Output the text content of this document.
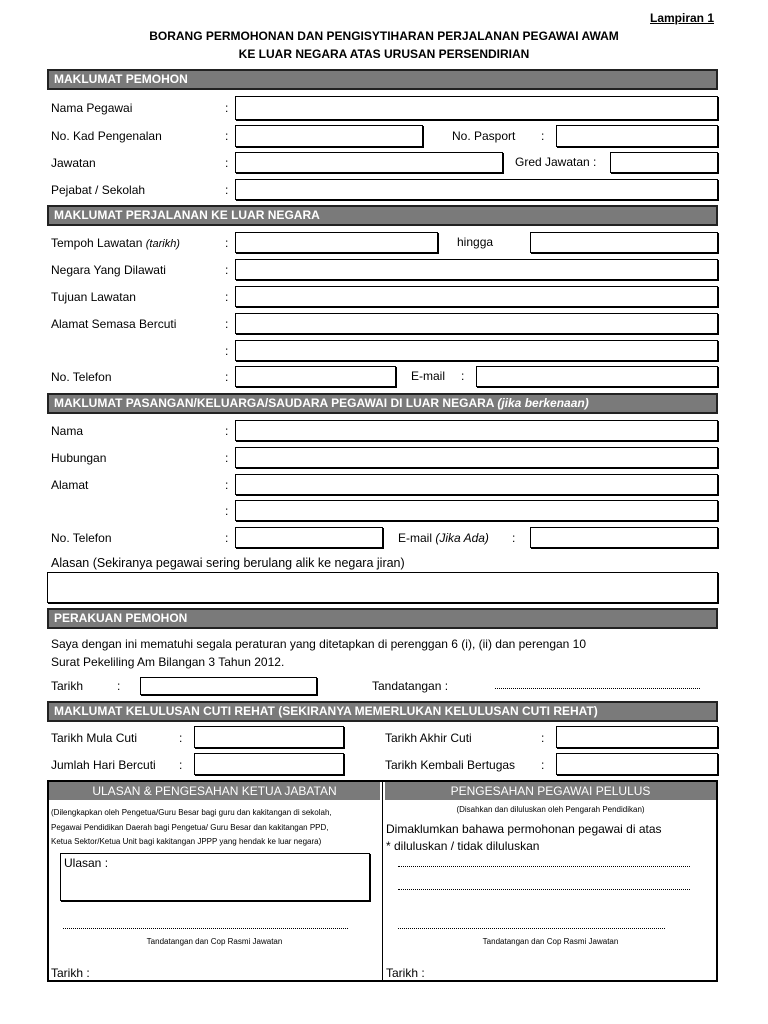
Lampiran 1
BORANG PERMOHONAN DAN PENGISYTIHARAN PERJALANAN PEGAWAI AWAM
KE LUAR NEGARA ATAS URUSAN PERSENDIRIAN
MAKLUMAT PEMOHON
Nama Pegawai	:
No. Kad Pengenalan	:	No. Pasport :
Jawatan	:	Gred Jawatan :
Pejabat / Sekolah	:
MAKLUMAT PERJALANAN KE LUAR NEGARA
Tempoh Lawatan (tarikh)	:	hingga
Negara Yang Dilawati	:
Tujuan Lawatan	:
Alamat Semasa Bercuti	:
:
No. Telefon	:	E-mail :
MAKLUMAT PASANGAN/KELUARGA/SAUDARA PEGAWAI DI LUAR NEGARA (jika berkenaan)
Nama	:
Hubungan	:
Alamat	:
:
No. Telefon	:	E-mail (Jika Ada) :
Alasan (Sekiranya pegawai sering berulang alik ke negara jiran)
PERAKUAN PEMOHON
Saya dengan ini mematuhi segala peraturan yang ditetapkan di perenggan 6 (i), (ii) dan perengan 10
Surat Pekeliling Am Bilangan 3 Tahun 2012.
Tarikh	:	Tandatangan :
MAKLUMAT KELULUSAN CUTI REHAT (SEKIRANYA MEMERLUKAN KELULUSAN CUTI REHAT)
Tarikh Mula Cuti	:	Tarikh Akhir Cuti	:
Jumlah Hari Bercuti :	Tarikh Kembali Bertugas :
ULASAN & PENGESAHAN KETUA JABATAN	PENGESAHAN PEGAWAI PELULUS
(Dilengkapkan oleh Pengetua/Guru Besar bagi guru dan kakitangan di sekolah,
Pegawai Pendidikan Daerah bagi Pengetua/ Guru Besar dan kakitangan PPD,
Ketua Sektor/Ketua Unit bagi kakitangan JPPP yang hendak ke luar negara)
Ulasan :
Tandatangan dan Cop Rasmi Jawatan
Tarikh :
(Disahkan dan diluluskan oleh Pengarah Pendidikan)
Dimaklumkan bahawa permohonan pegawai di atas
* diluluskan / tidak diluluskan
Tandatangan dan Cop Rasmi Jawatan
Tarikh :
